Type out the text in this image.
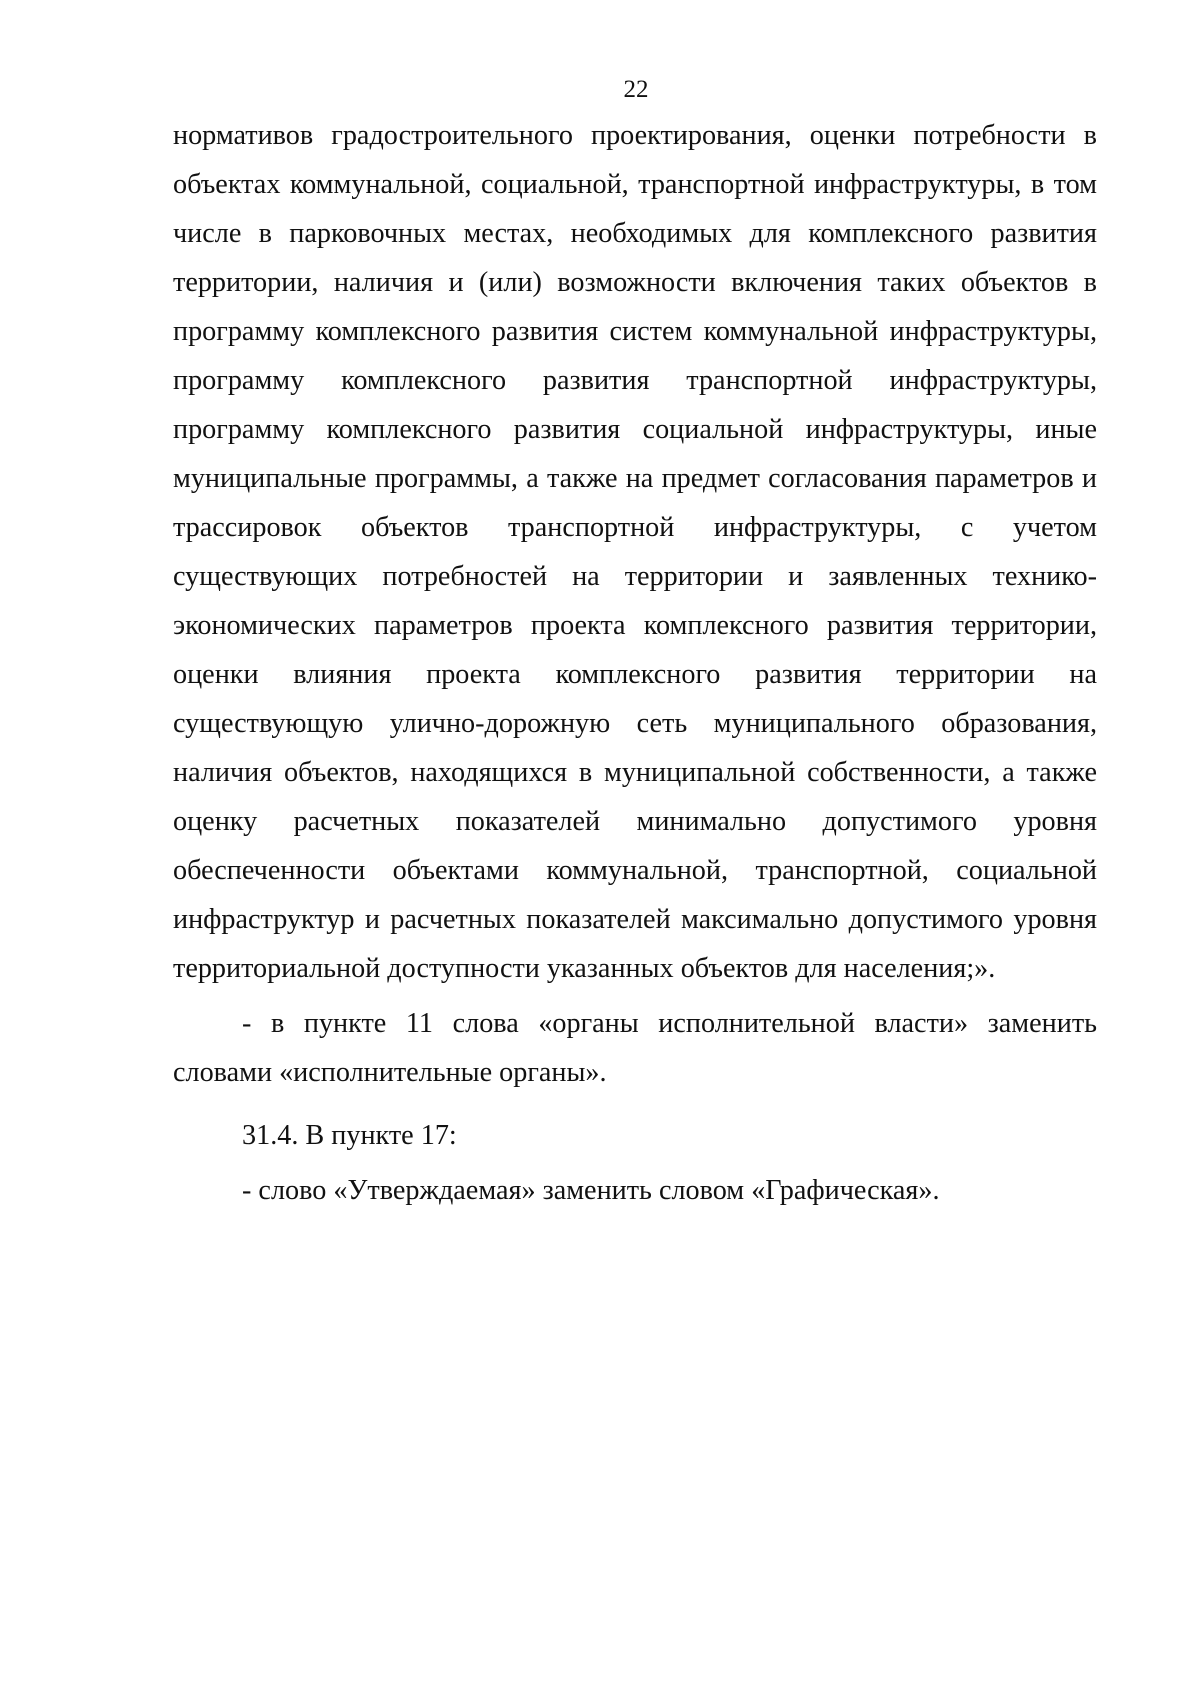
22

нормативов градостроительного проектирования, оценки потребности в объектах коммунальной, социальной, транспортной инфраструктуры, в том числе в парковочных местах, необходимых для комплексного развития территории, наличия и (или) возможности включения таких объектов в программу комплексного развития систем коммунальной инфраструктуры, программу комплексного развития транспортной инфраструктуры, программу комплексного развития социальной инфраструктуры, иные муниципальные программы, а также на предмет согласования параметров и трассировок объектов транспортной инфраструктуры, с учетом существующих потребностей на территории и заявленных технико-экономических параметров проекта комплексного развития территории, оценки влияния проекта комплексного развития территории на существующую улично-дорожную сеть муниципального образования, наличия объектов, находящихся в муниципальной собственности, а также оценку расчетных показателей минимально допустимого уровня обеспеченности объектами коммунальной, транспортной, социальной инфраструктур и расчетных показателей максимально допустимого уровня территориальной доступности указанных объектов для населения;».

- в пункте 11 слова «органы исполнительной власти» заменить словами «исполнительные органы».

31.4. В пункте 17:

- слово «Утверждаемая» заменить словом «Графическая».
